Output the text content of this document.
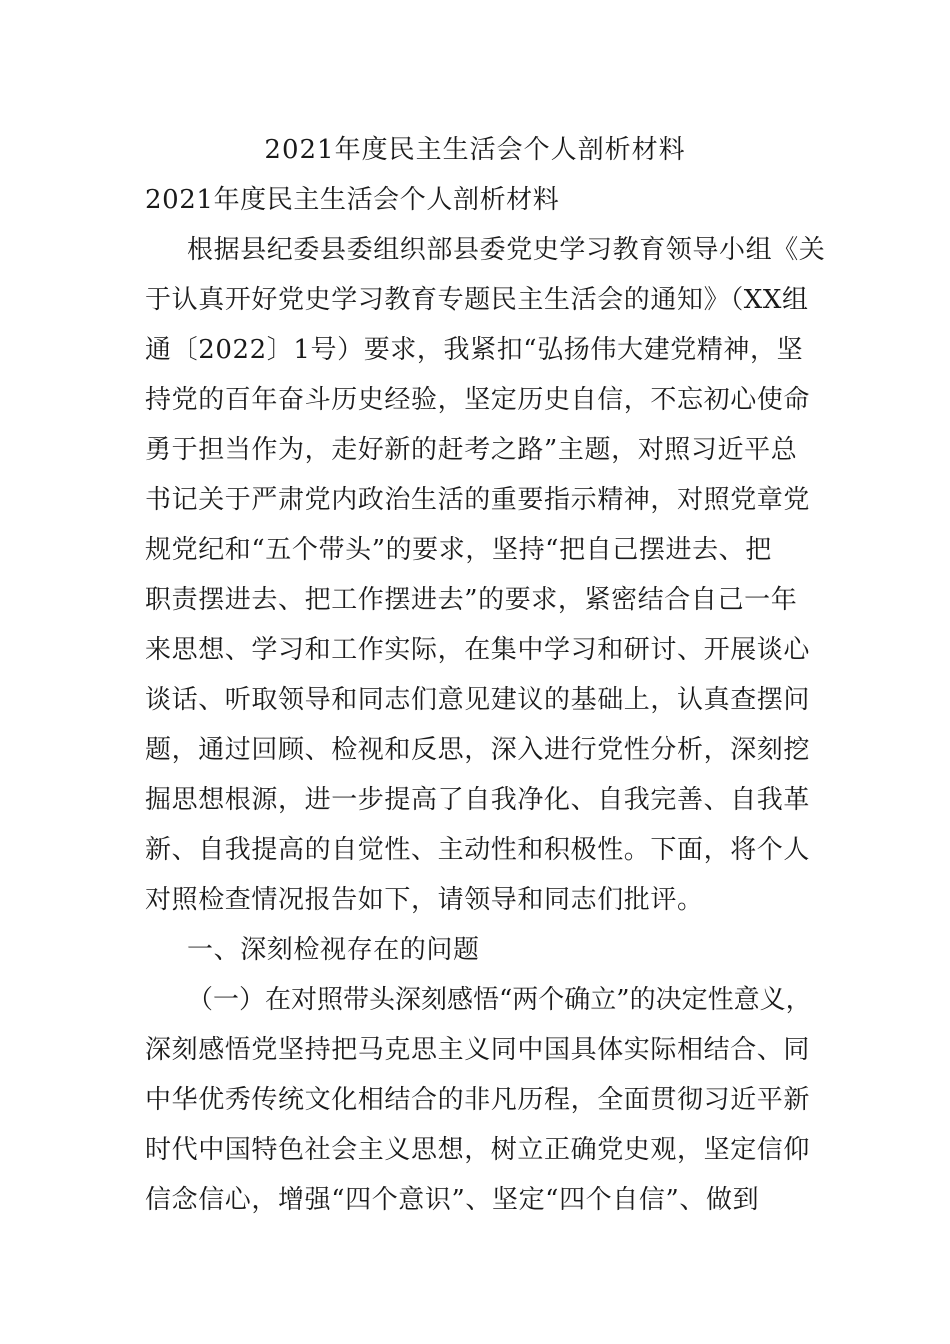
2021年度民主生活会个人剖析材料
2021年度民主生活会个人剖析材料
根据县纪委县委组织部县委党史学习教育领导小组《关
于认真开好党史学习教育专题民主生活会的通知》（XX组
通〔2022〕1号）要求，我紧扣“弘扬伟大建党精神，坚
持党的百年奋斗历史经验，坚定历史自信，不忘初心使命
勇于担当作为，走好新的赶考之路”主题，对照习近平总
书记关于严肃党内政治生活的重要指示精神，对照党章党
规党纪和“五个带头”的要求，坚持“把自己摆进去、把
职责摆进去、把工作摆进去”的要求，紧密结合自己一年
来思想、学习和工作实际，在集中学习和研讨、开展谈心
谈话、听取领导和同志们意见建议的基础上，认真查摆问
题，通过回顾、检视和反思，深入进行党性分析，深刻挖
掘思想根源，进一步提高了自我净化、自我完善、自我革
新、自我提高的自觉性、主动性和积极性。下面，将个人
对照检查情况报告如下，请领导和同志们批评。
一、深刻检视存在的问题
（一）在对照带头深刻感悟“两个确立”的决定性意义，
深刻感悟党坚持把马克思主义同中国具体实际相结合、同
中华优秀传统文化相结合的非凡历程，全面贯彻习近平新
时代中国特色社会主义思想，树立正确党史观，坚定信仰
信念信心，增强“四个意识”、坚定“四个自信”、做到
